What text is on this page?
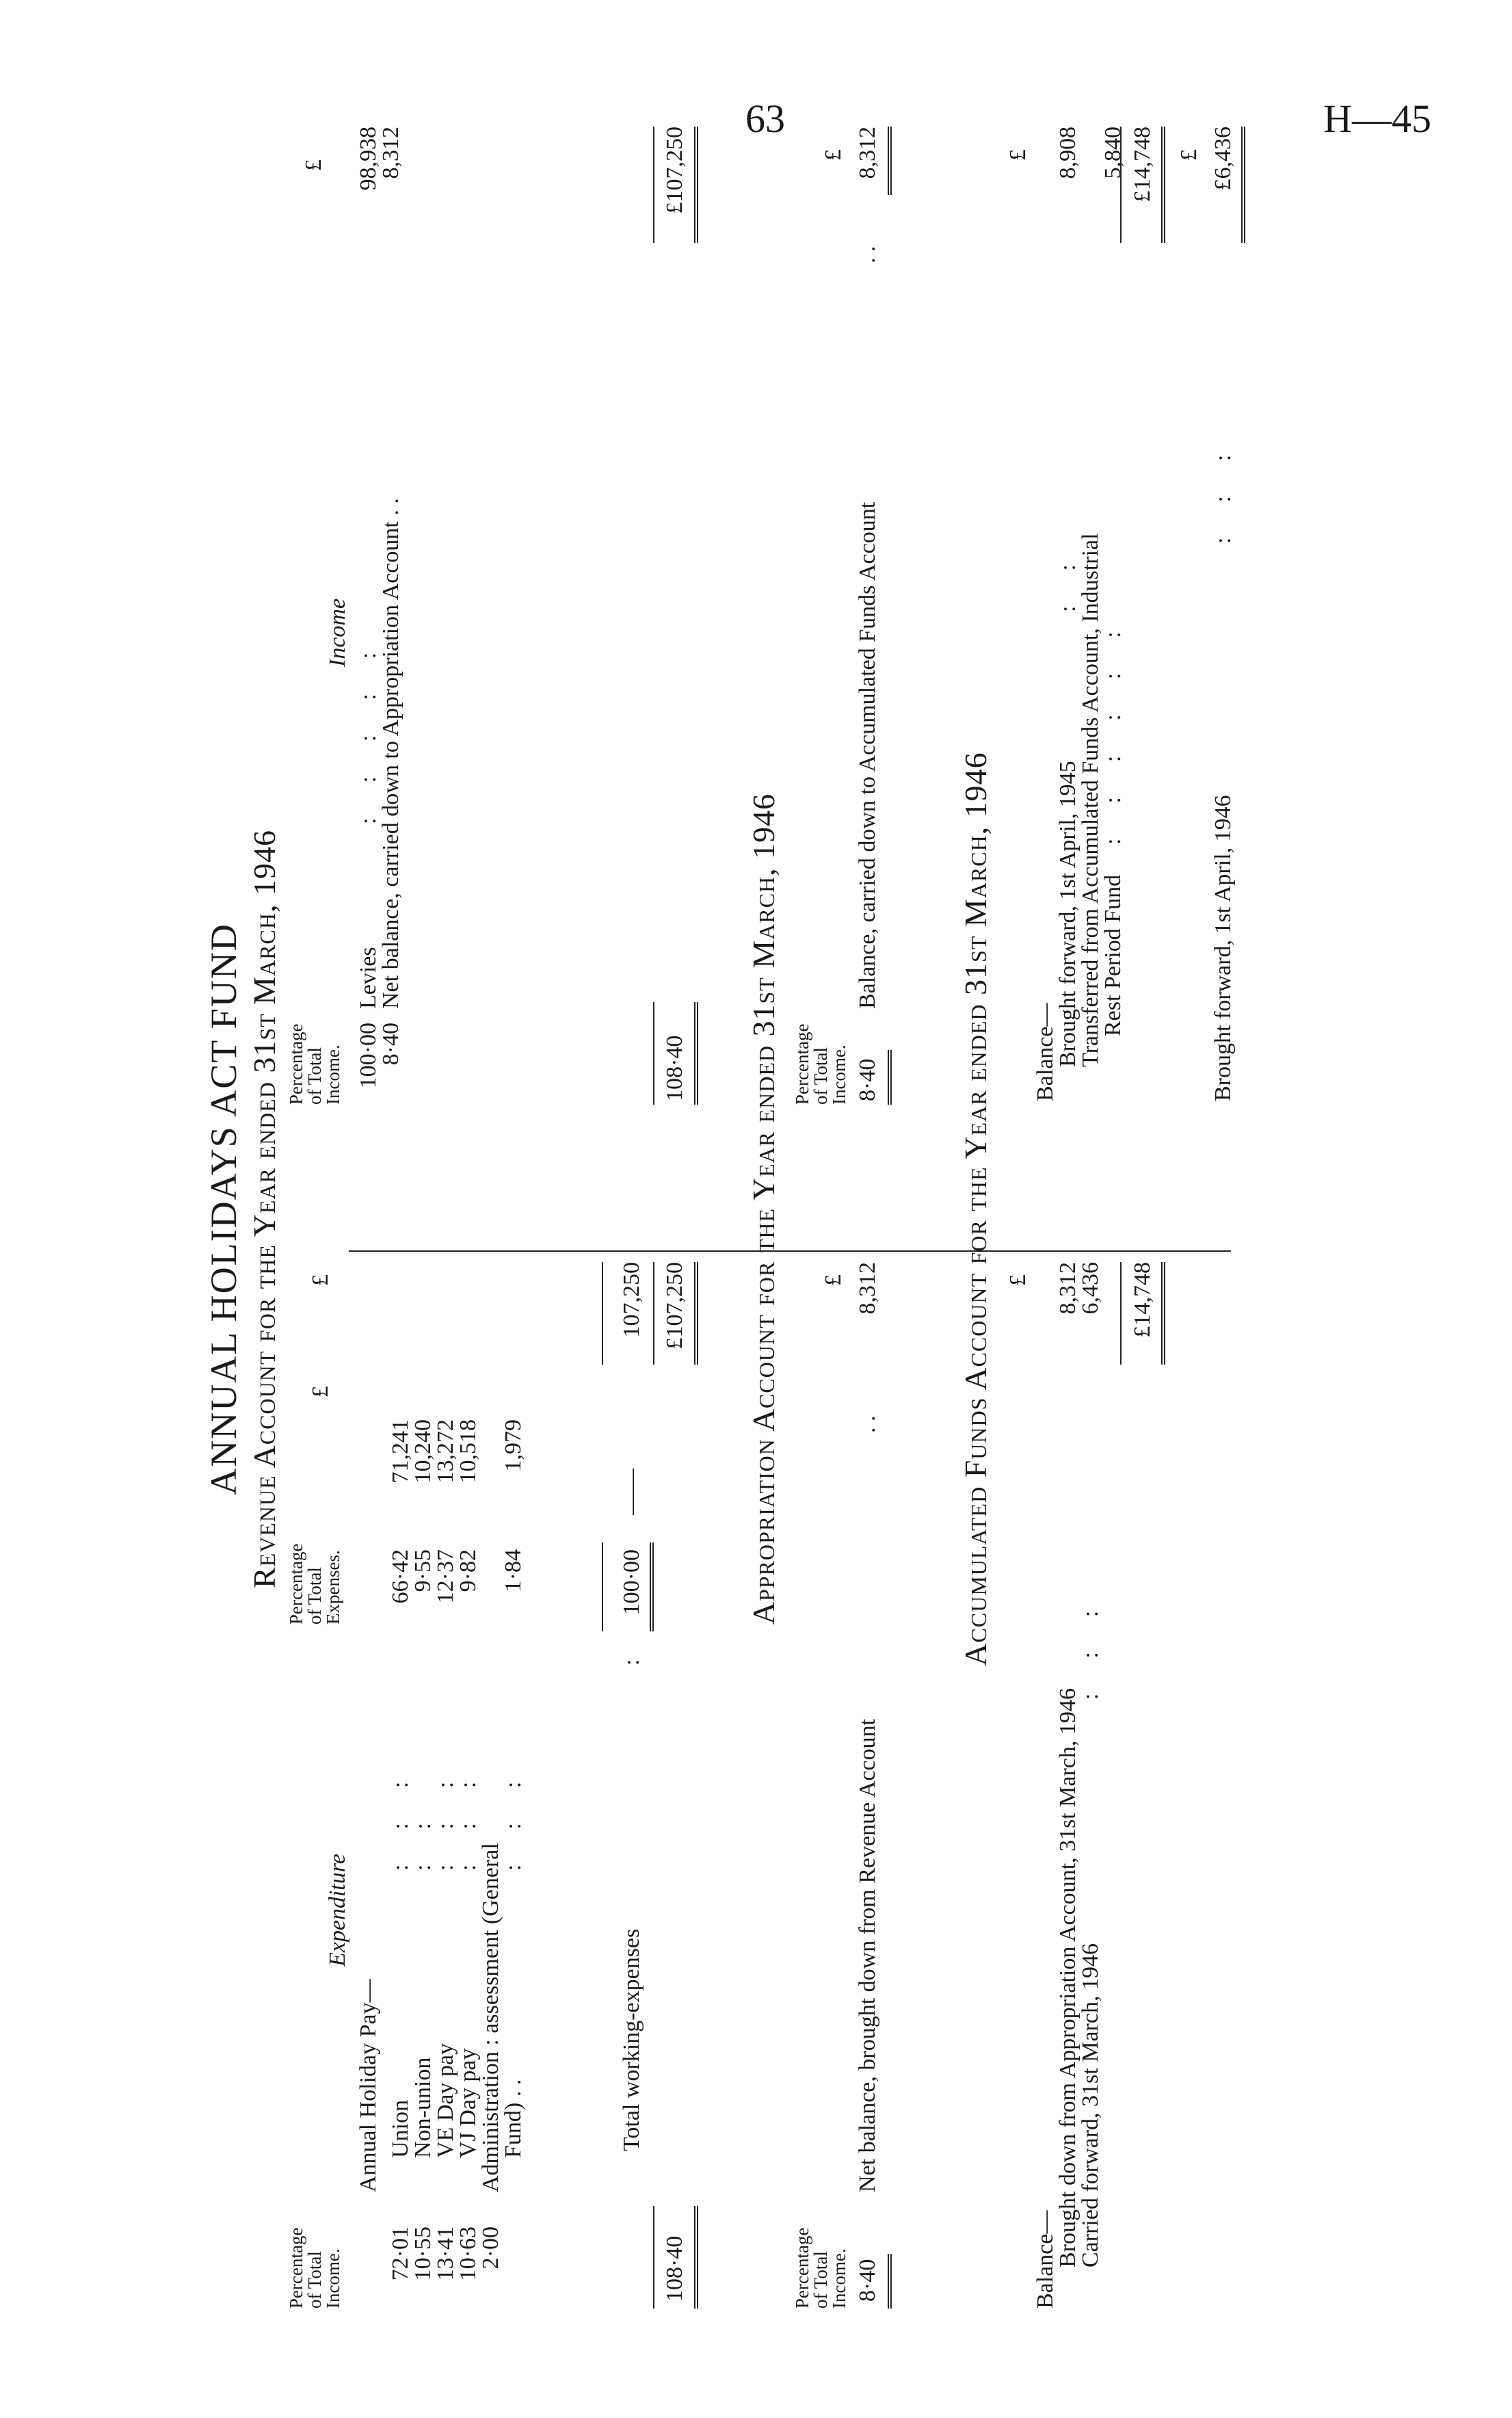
63	H—45
ANNUAL HOLIDAYS ACT FUND Revenue Account for the Year ended 31st March, 1946
Percentage
of Total
Income.
Percentage
of Total
Expenses.
£
£
Percentage
of Total
Income.
£
Expenditure
Income
Annual Holiday Pay—
72·01
Union
:      :      :
66·42
71,241
10·55
Non-union
:      :
9·55
10,240
13·41
VE Day pay
:      :      :
12·37
13,272
10·63
VJ Day pay
:      :      :
9·82
10,518
2·00
Administration : assessment (General
Fund) . .
:      :      :
1·84
1,979
Total working-expenses
:
100·00
——
107,250 £107,250
108·40
100·00
Levies
:      :      :      :      :
98,938
8·40
Net balance, carried down to Appropriation Account . .
8,312
108·40
£107,250
Appropriation Account for the Year ended 31st March, 1946
Percentage
of Total
Income.
Percentage
of Total
Income.
£
£
8·40
Net balance, brought down from Revenue Account
. .
8,312
8·40
Balance, carried down to Accumulated Funds Account
. .
8,312
Accumulated Funds Account for the Year ended 31st March, 1946 £
£
Balance—
Brought down from Appropriation Account, 31st March, 1946
8,312
Carried forward, 31st March, 1946
:      :      :
6,436 £14,748
Balance—
Brought forward, 1st April, 1945
:      :
8,908
Transferred from Accumulated Funds Account, Industrial
Rest Period Fund
:      :      :      :      :      :
5,840 £14,748 £
Brought forward, 1st April, 1946
:      :      :
£6,436
